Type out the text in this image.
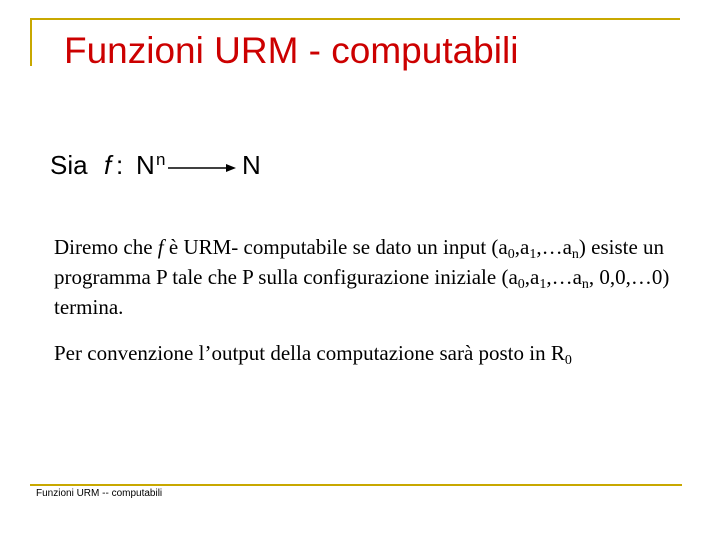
Funzioni URM - computabili
Sia f : N n	N

Diremo che f è URM- computabile se dato un input $(a_0,a_1,\dots a_n)$ esiste un programma P tale che P sulla configurazione iniziale ($a_0,a_1,\dots a_n$, 0,0,…0) termina.

Per convenzione l’output della computazione sarà posto in $R_0$

Funzioni URM -- computabili
